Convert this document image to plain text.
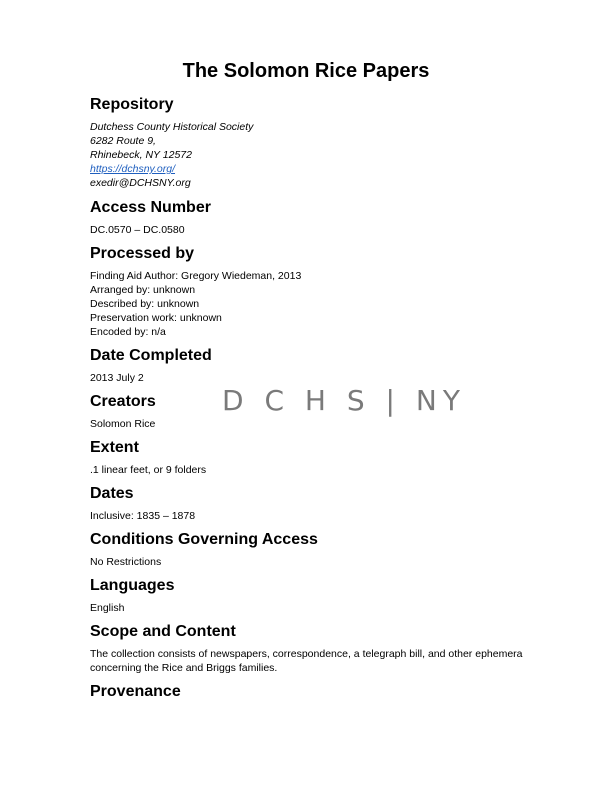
The Solomon Rice Papers
Repository
Dutchess County Historical Society
6282 Route 9,
Rhinebeck, NY 12572
https://dchsny.org/
exedir@DCHSNY.org
Access Number
DC.0570 – DC.0580
Processed by
Finding Aid Author: Gregory Wiedeman, 2013
Arranged by: unknown
Described by: unknown
Preservation work: unknown
Encoded by: n/a
Date Completed
2013 July 2
Creators
Solomon Rice
Extent
.1 linear feet, or 9 folders
Dates
Inclusive: 1835 – 1878
Conditions Governing Access
No Restrictions
Languages
English
Scope and Content
The collection consists of newspapers, correspondence, a telegraph bill, and other ephemera concerning the Rice and Briggs families.
Provenance
D C H S | NY
